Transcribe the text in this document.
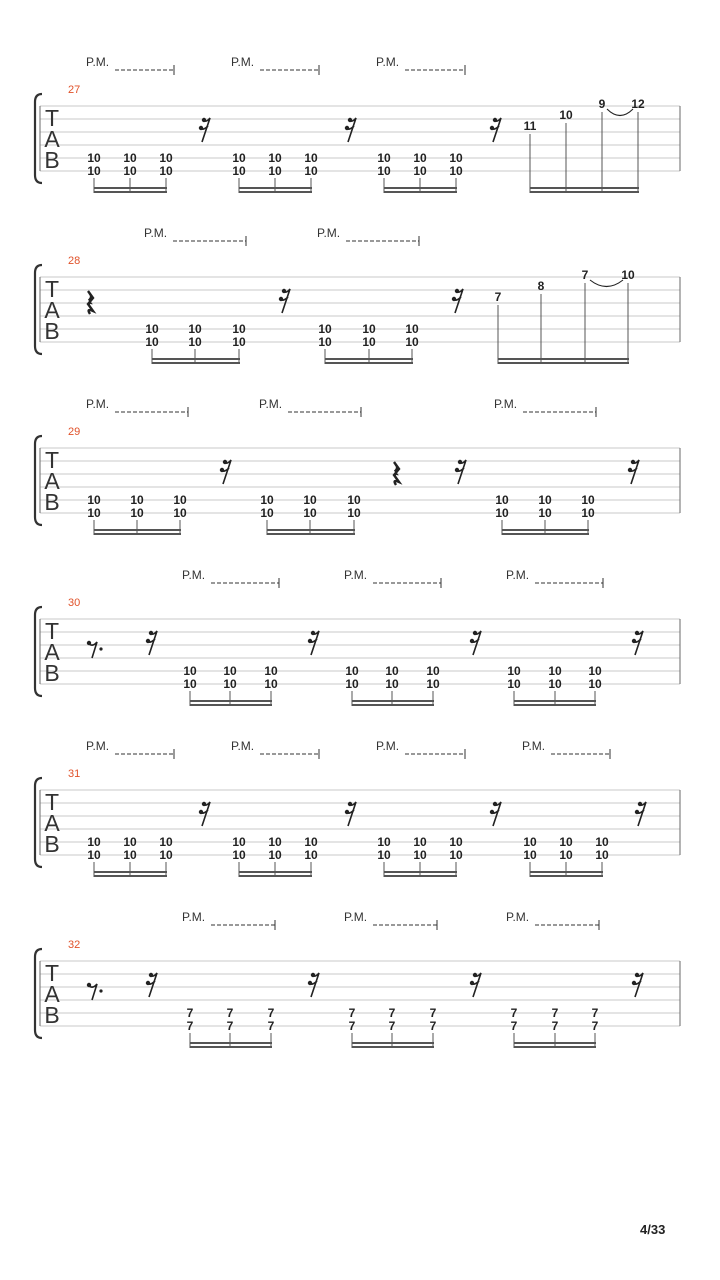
T
A
B
27
P.M.	P.M.	P.M.
10
10
10
10
10
10
10
10
10
10
10
10
10
10
10
10
10
10
11
10
9 12
T
A
B
28
P.M.	P.M.
10
10
10
10
10
10
10
10
10
10
10
10
7
8
7	10
𝄽
T
A
B
29
P.M.	P.M.	P.M.
10
10
10
10
10
10
10
10
10
10
10
10
10
10
10
10
10
10
𝄽
T
A
B
30
P.M.	P.M.	P.M.
10
10
10
10
10
10
10
10
10
10
10
10
10
10
10
10
10
10
T
A
B
31
P.M.	P.M.	P.M.	P.M.
10
10
10
10
10
10
10
10
10
10
10
10
10
10
10
10
10
10
10
10
10
10
10
10
T
A
B
32
P.M.	P.M.	P.M.
7
7
7
7
7
7
7
7
7
7
7
7
7
7
7
7
7
7
4/33
